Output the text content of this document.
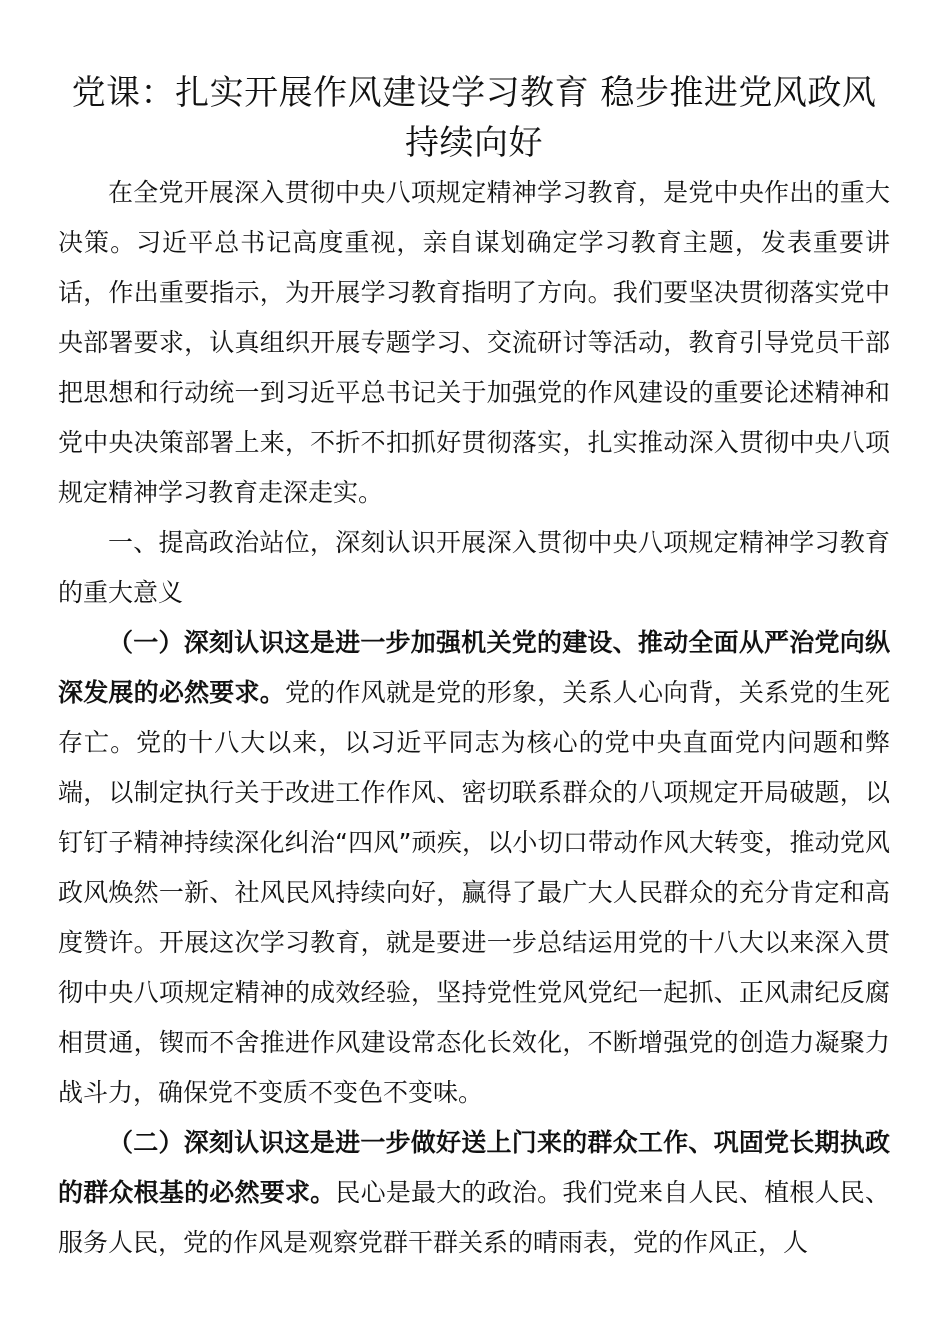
党课：扎实开展作风建设学习教育 稳步推进党风政风持续向好

在全党开展深入贯彻中央八项规定精神学习教育，是党中央作出的重大决策。习近平总书记高度重视，亲自谋划确定学习教育主题，发表重要讲话，作出重要指示，为开展学习教育指明了方向。我们要坚决贯彻落实党中央部署要求，认真组织开展专题学习、交流研讨等活动，教育引导党员干部把思想和行动统一到习近平总书记关于加强党的作风建设的重要论述精神和党中央决策部署上来，不折不扣抓好贯彻落实，扎实推动深入贯彻中央八项规定精神学习教育走深走实。

一、提高政治站位，深刻认识开展深入贯彻中央八项规定精神学习教育的重大意义

（一）深刻认识这是进一步加强机关党的建设、推动全面从严治党向纵深发展的必然要求。党的作风就是党的形象，关系人心向背，关系党的生死存亡。党的十八大以来，以习近平同志为核心的党中央直面党内问题和弊端，以制定执行关于改进工作作风、密切联系群众的八项规定开局破题，以钉钉子精神持续深化纠治“四风”顽疾，以小切口带动作风大转变，推动党风政风焕然一新、社风民风持续向好，赢得了最广大人民群众的充分肯定和高度赞许。开展这次学习教育，就是要进一步总结运用党的十八大以来深入贯彻中央八项规定精神的成效经验，坚持党性党风党纪一起抓、正风肃纪反腐相贯通，锲而不舍推进作风建设常态化长效化，不断增强党的创造力凝聚力战斗力，确保党不变质不变色不变味。

（二）深刻认识这是进一步做好送上门来的群众工作、巩固党长期执政的群众根基的必然要求。民心是最大的政治。我们党来自人民、植根人民、服务人民，党的作风是观察党群干群关系的晴雨表，党的作风正，人
